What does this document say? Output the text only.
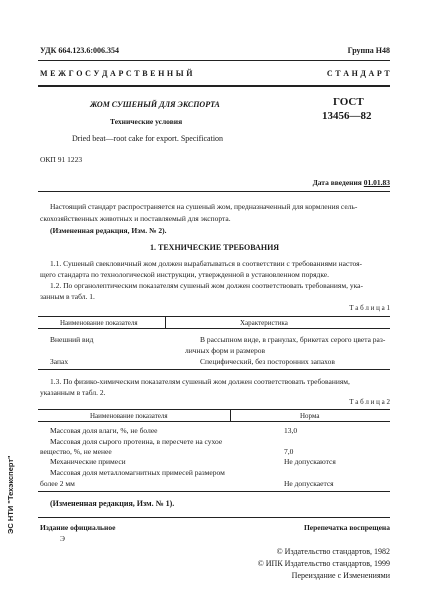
УДК 664.123.6:006.354	Группа Н48
М Е Ж Г О С У Д А Р С Т В Е Н Н Ы Й	С Т А Н Д А Р Т
ЖОМ СУШЕНЫЙ ДЛЯ ЭКСПОРТА
Технические условия
Dried beat—root cake for export. Specification
ГОСТ
13456—82
ОКП 91 1223
Дата введения 01.01.83
Настоящий стандарт распространяется на сушеный жом, предназначенный для кормления сель-
скохозяйственных животных и поставляемый для экспорта.
(Измененная редакция, Изм. № 2).
1. ТЕХНИЧЕСКИЕ ТРЕБОВАНИЯ
1.1. Сушеный свекловичный жом должен вырабатываться в соответствии с требованиями настоя-
щего стандарта по технологической инструкции, утвержденной в установленном порядке.
1.2. По органолептическим показателям сушеный жом должен соответствовать требованиям, ука-
занным в табл. 1.
Т а б л и ц а 1
Наименование показателя	Характеристика
Внешний вид	В рассыпном виде, в гранулах, брикетах серого цвета раз-
личных форм и размеров
Запах	Специфический, без посторонних запахов
1.3. По физико-химическим показателям сушеный жом должен соответствовать требованиям,
указанным в табл. 2.
Т а б л и ц а 2
Наименование показателя	Норма
Массовая доля влаги, %, не более	13,0
Массовая доля сырого протеина, в пересчете на сухое
вещество, %, не менее	7,0
Механические примеси	Не допускаются
Массовая доля металломагнитных примесей размером
более 2 мм	Не допускается
(Измененная редакция, Изм. № 1).
Издание официальное	Перепечатка воспрещена
Э
© Издательство стандартов, 1982
© ИПК Издательство стандартов, 1999
Переиздание с Изменениями
ЭС НТИ "Техэксперт"
